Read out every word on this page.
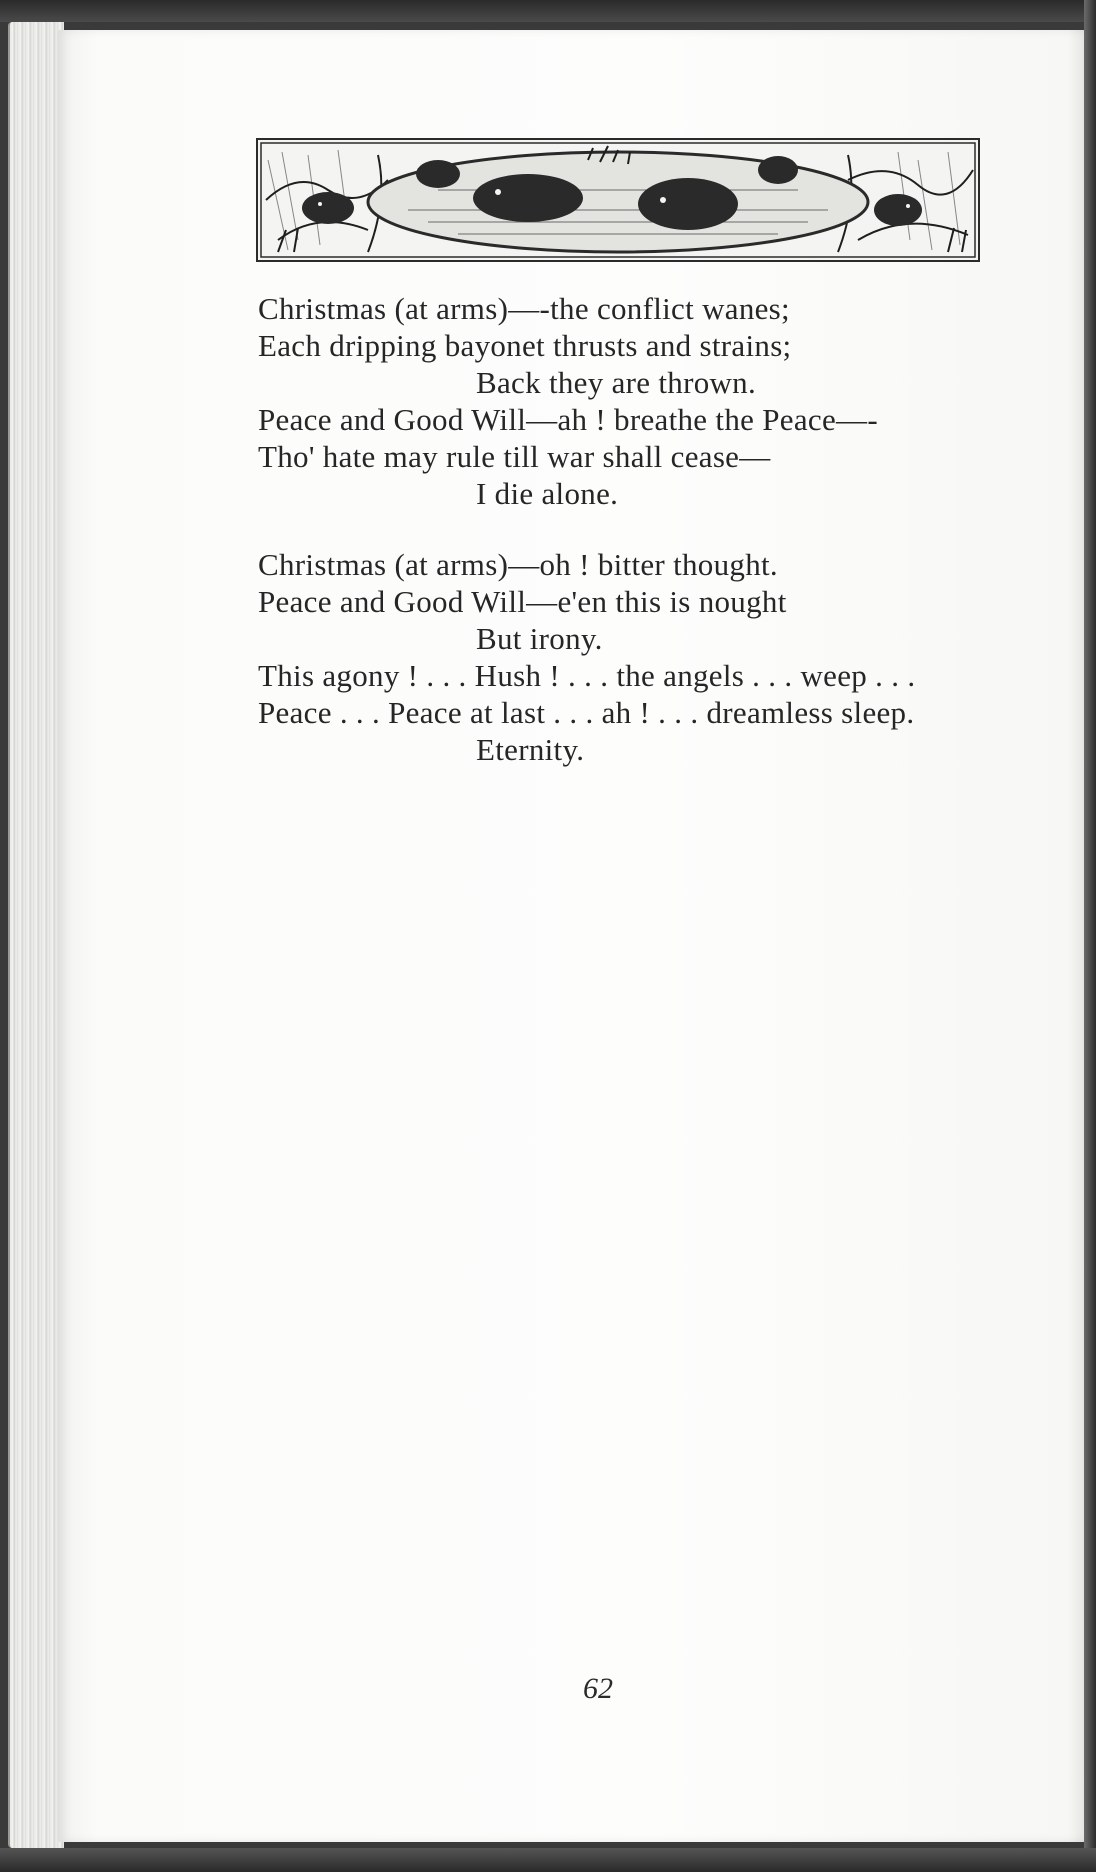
Christmas (at arms)—-the conflict wanes;
Each dripping bayonet thrusts and strains;
Back they are thrown.
Peace and Good Will—ah ! breathe the Peace—-
Tho' hate may rule till war shall cease—
I die alone.
Christmas (at arms)—oh ! bitter thought.
Peace and Good Will—e'en this is nought
But irony.
This agony ! . . . Hush ! . . . the angels . . . weep . . .
Peace . . . Peace at last . . . ah ! . . . dreamless sleep.
Eternity.
62
